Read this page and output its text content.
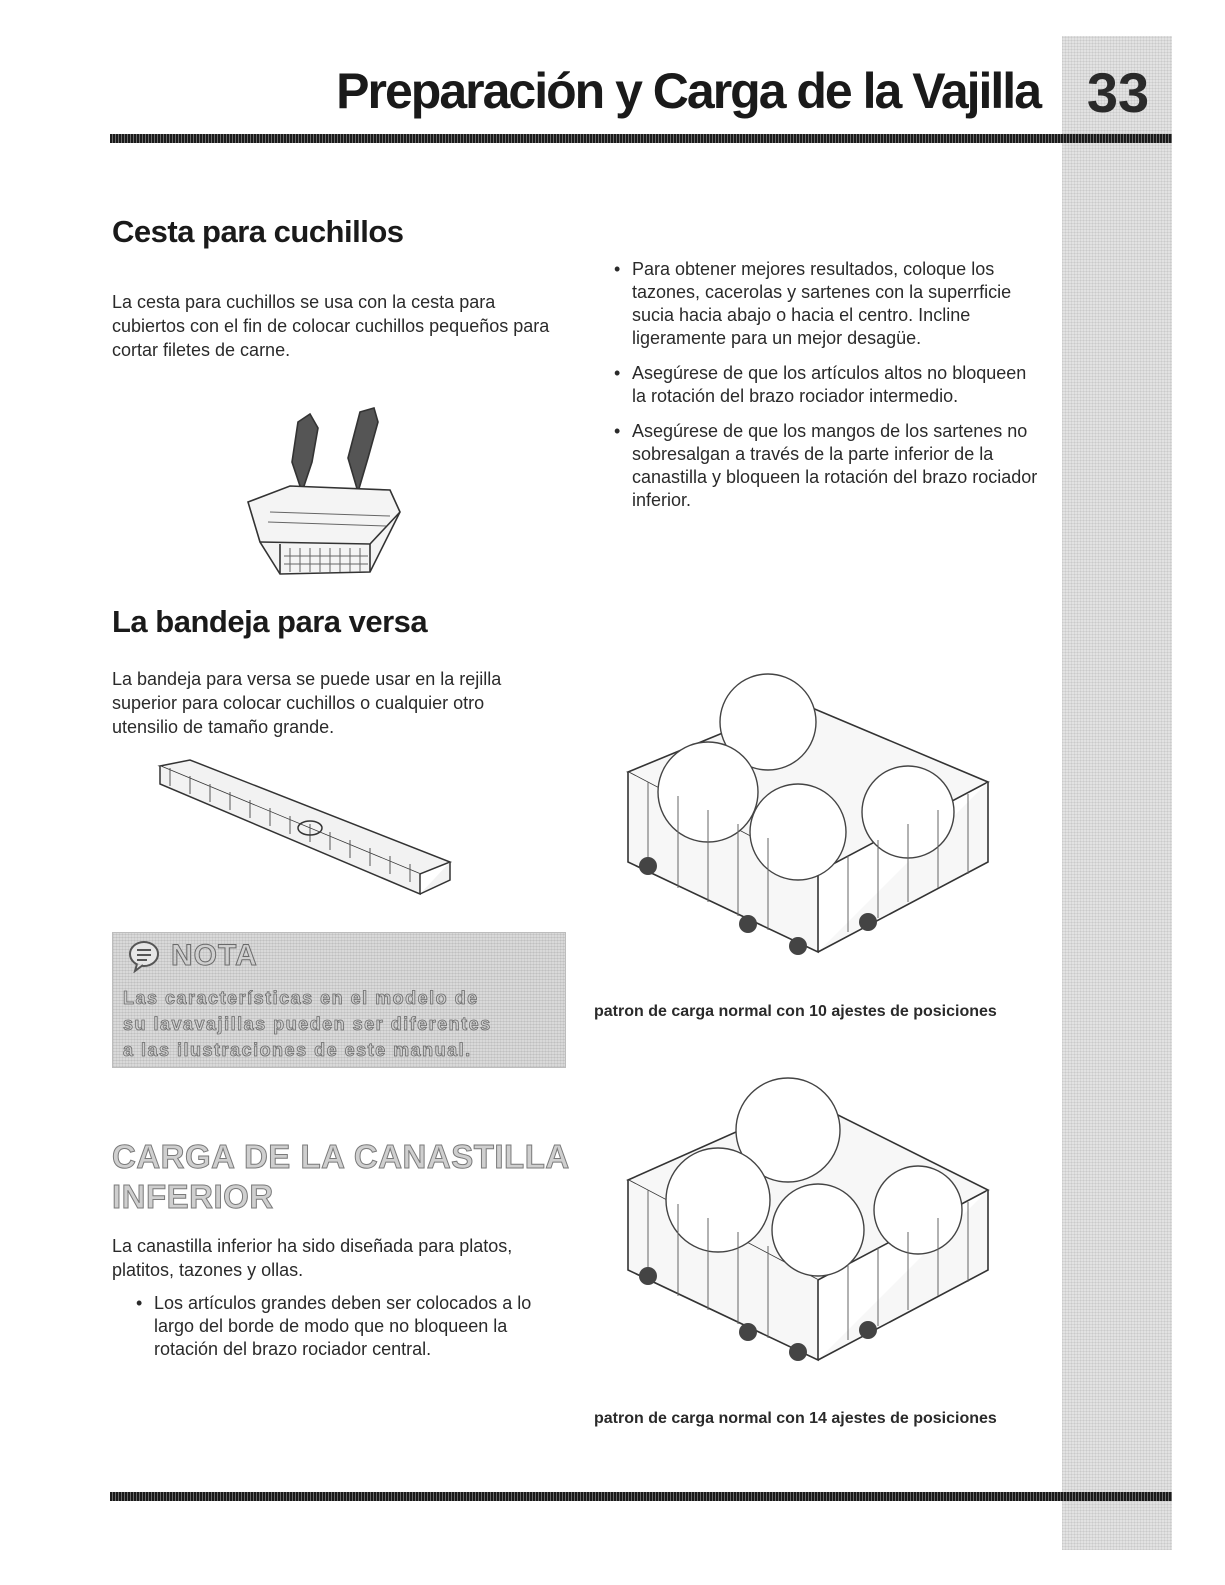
Preparación y Carga de la Vajilla 33
Cesta para cuchillos

La cesta para cuchillos se usa con la cesta para cubiertos con el fin de colocar cuchillos pequeños para cortar filetes de carne.

• Para obtener mejores resultados, coloque los tazones, cacerolas y sartenes con la superrficie sucia hacia abajo o hacia el centro. Incline ligeramente para un mejor desagüe.
• Asegúrese de que los artículos altos no bloqueen la rotación del brazo rociador intermedio.
• Asegúrese de que los mangos de los sartenes no sobresalgan a través de la parte inferior de la canastilla y bloqueen la rotación del brazo rociador inferior.
La bandeja para versa

La bandeja para versa se puede usar en la rejilla superior para colocar cuchillos o cualquier otro utensilio de tamaño grande.

NOTA

Las características en el modelo de su lavavajillas pueden ser diferentes a las ilustraciones de este manual.

patron de carga normal con 10 ajestes de posiciones

CARGA DE LA CANASTILLA
INFERIOR

La canastilla inferior ha sido diseñada para platos, platitos, tazones y ollas.

• Los artículos grandes deben ser colocados a lo largo del borde de modo que no bloqueen la rotación del brazo rociador central.

patron de carga normal con 14 ajestes de posiciones
